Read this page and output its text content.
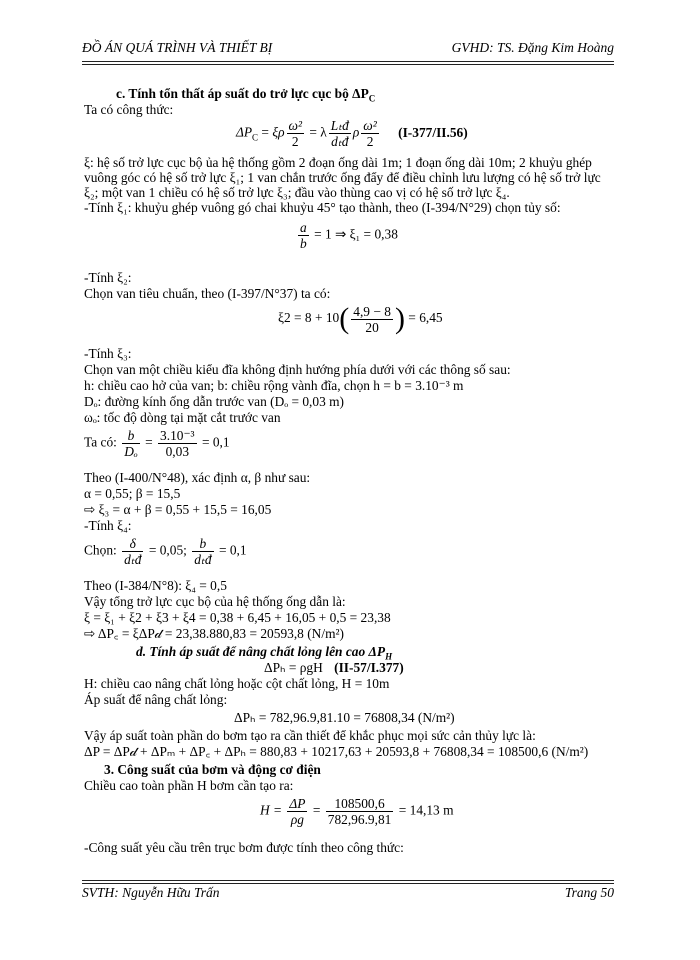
ĐỒ ÁN QUÁ TRÌNH VÀ THIẾT BỊ	GVHD: TS. Đặng Kim Hoàng
c. Tính tổn thất áp suất do trở lực cục bộ $\Delta P_C$
Ta có công thức:
$\Delta P_C = \xi\rho \frac{\text{ω²}}{2} = \lambda \frac{\text{Lₜđ}}{\text{dₜđ}}$ ρ $\frac{\text{ω²}}{2} (I-377/II.56)$
ξ: hệ số trở lực cục bộ ủa hệ thống gồm 2 đoạn ống dài 1m; 1 đoạn ống dài 10m; 2 khuỷu ghép
vuông góc có hệ số trở lực ξ₁; 1 van chắn trước ống đẩy để điều chỉnh lưu lượng có hệ số trở lực
ξ₂; một van 1 chiều có hệ số trở lực ξ₃; đầu vào thùng cao vị có hệ số trở lực ξ₄.
-Tính ξ₁: khuỷu ghép vuông gó chai khuỷu 45° tạo thành, theo (I-394/N°29) chọn tủy số:
$\frac{a}{b} = 1$ ⇒ ξ₁ = 0,38
-Tính ξ₂:
Chọn van tiêu chuẩn, theo (I-397/N°37) ta có:
$\xi 2 = 8 + 10( \frac{4,9 - 8}{20}$ ) = 6,45
-Tính ξ₃:
Chọn van một chiều kiểu đĩa không định hướng phía dưới với các thông số sau:
h: chiều cao hở của van; b: chiều rộng vành đĩa, chọn h = b = 3.10⁻³ m
Dₒ: đường kính ống dẫn trước van (Dₒ = 0,03 m)
ωₒ: tốc độ dòng tại mặt cắt trước van
Ta có: $\frac{b}{\text{Dₒ}} = \frac{\text{3.10⁻³}}{0,03} = 0,1$
Theo (I-400/N°48), xác định α, β như sau:
α = 0,55; β = 15,5
⇨ ξ₃ = α + β = 0,55 + 15,5 = 16,05
-Tính ξ₄:
Chọn: $\frac{\delta}{\text{dₜđ}} = 0,05$; $\frac{b}{\text{dₜđ}} = 0,1$
Theo (I-384/N°8): ξ₄ = 0,5
Vậy tổng trở lực cục bộ của hệ thống ống dẫn là:
ξ = ξ₁ + ξ2 + ξ3 + ξ4 = 0,38 + 6,45 + 16,05 + 0,5 = 23,38
⇨ ΔP꜀ = ξΔP𝒹 = 23,38.880,83 = 20593,8 (N/m²)
d. Tính áp suất để nâng chất lỏng lên cao $\Delta P_H$
ΔPₕ = ρgH (II-57/I.377)
H: chiều cao nâng chất lỏng hoặc cột chất lỏng, H = 10m
Áp suất để nâng chất lỏng:
ΔPₕ = 782,96.9,81.10 = 76808,34 (N/m²)
Vậy áp suất toàn phần do bơm tạo ra cần thiết để khắc phục mọi sức cản thủy lực là:
ΔP = ΔP𝒹 + ΔPₘ + ΔP꜀ + ΔPₕ = 880,83 + 10217,63 + 20593,8 + 76808,34 = 108500,6 (N/m²)
3. Công suất của bơm và động cơ điện
Chiều cao toàn phần H bơm cần tạo ra:
$H = \frac{\Delta P}{\rho g} = \frac{108500,6}{782,96.9,81} = 14,13$ m
-Công suất yêu cầu trên trục bơm được tính theo công thức:
SVTH: Nguyễn Hữu Trấn	Trang 50
